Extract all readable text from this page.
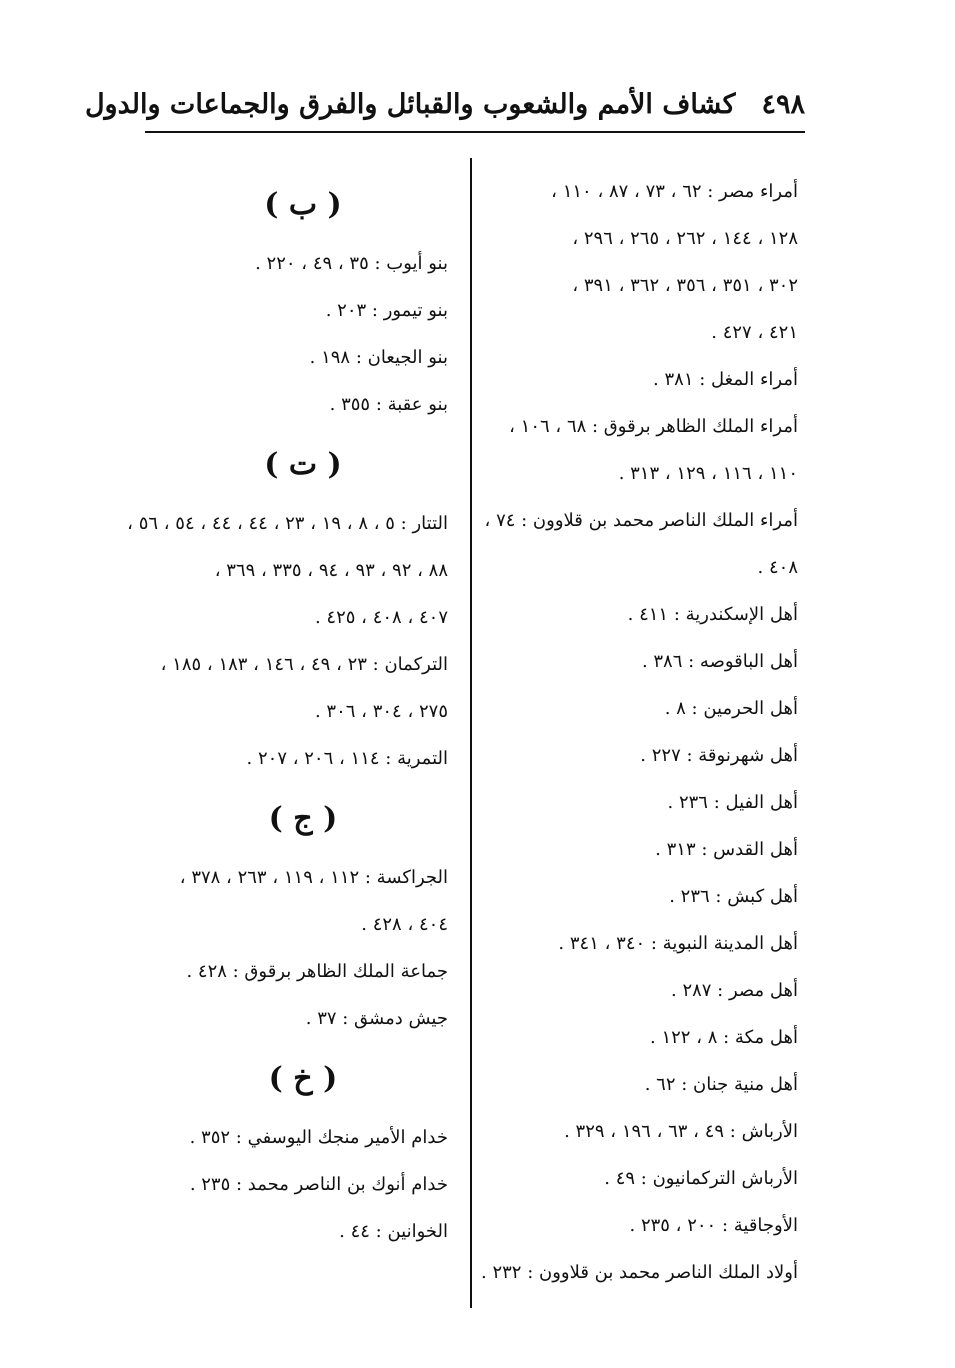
٤٩٨
كشاف الأمم والشعوب والقبائل والفرق والجماعات والدول
أمراء مصر : ٦٢ ، ٧٣ ، ٨٧ ، ١١٠ ،
١٢٨ ، ١٤٤ ، ٢٦٢ ، ٢٦٥ ، ٢٩٦ ،
٣٠٢ ، ٣٥١ ، ٣٥٦ ، ٣٦٢ ، ٣٩١ ،
٤٢١ ، ٤٢٧ .
أمراء المغل : ٣٨١ .
أمراء الملك الظاهر برقوق : ٦٨ ، ١٠٦ ،
١١٠ ، ١١٦ ، ١٢٩ ، ٣١٣ .
أمراء الملك الناصر محمد بن قلاوون : ٧٤ ،
٤٠٨ .
أهل الإسكندرية : ٤١١ .
أهل الباقوصه : ٣٨٦ .
أهل الحرمين : ٨ .
أهل شهرنوقة : ٢٢٧ .
أهل الفيل : ٢٣٦ .
أهل القدس : ٣١٣ .
أهل كبش : ٢٣٦ .
أهل المدينة النبوية : ٣٤٠ ، ٣٤١ .
أهل مصر : ٢٨٧ .
أهل مكة : ٨ ، ١٢٢ .
أهل منية جنان : ٦٢ .
الأرباش : ٤٩ ، ٦٣ ، ١٩٦ ، ٣٢٩ .
الأرباش التركمانيون : ٤٩ .
الأوجاقية : ٢٠٠ ، ٢٣٥ .
أولاد الملك الناصر محمد بن قلاوون : ٢٣٢ .
( ب )
بنو أيوب : ٣٥ ، ٤٩ ، ٢٢٠ .
بنو تيمور : ٢٠٣ .
بنو الجيعان : ١٩٨ .
بنو عقبة : ٣٥٥ .
( ت )
التتار : ٥ ، ٨ ، ١٩ ، ٢٣ ، ٤٤ ، ٤٤ ، ٥٤ ، ٥٦ ،
٨٨ ، ٩٢ ، ٩٣ ، ٩٤ ، ٣٣٥ ، ٣٦٩ ،
٤٠٧ ، ٤٠٨ ، ٤٢٥ .
التركمان : ٢٣ ، ٤٩ ، ١٤٦ ، ١٨٣ ، ١٨٥ ،
٢٧٥ ، ٣٠٤ ، ٣٠٦ .
التمرية : ١١٤ ، ٢٠٦ ، ٢٠٧ .
( ج )
الجراكسة : ١١٢ ، ١١٩ ، ٢٦٣ ، ٣٧٨ ،
٤٠٤ ، ٤٢٨ .
جماعة الملك الظاهر برقوق : ٤٢٨ .
جيش دمشق : ٣٧ .
( خ )
خدام الأمير منجك اليوسفي : ٣٥٢ .
خدام أنوك بن الناصر محمد : ٢٣٥ .
الخوانين : ٤٤ .
